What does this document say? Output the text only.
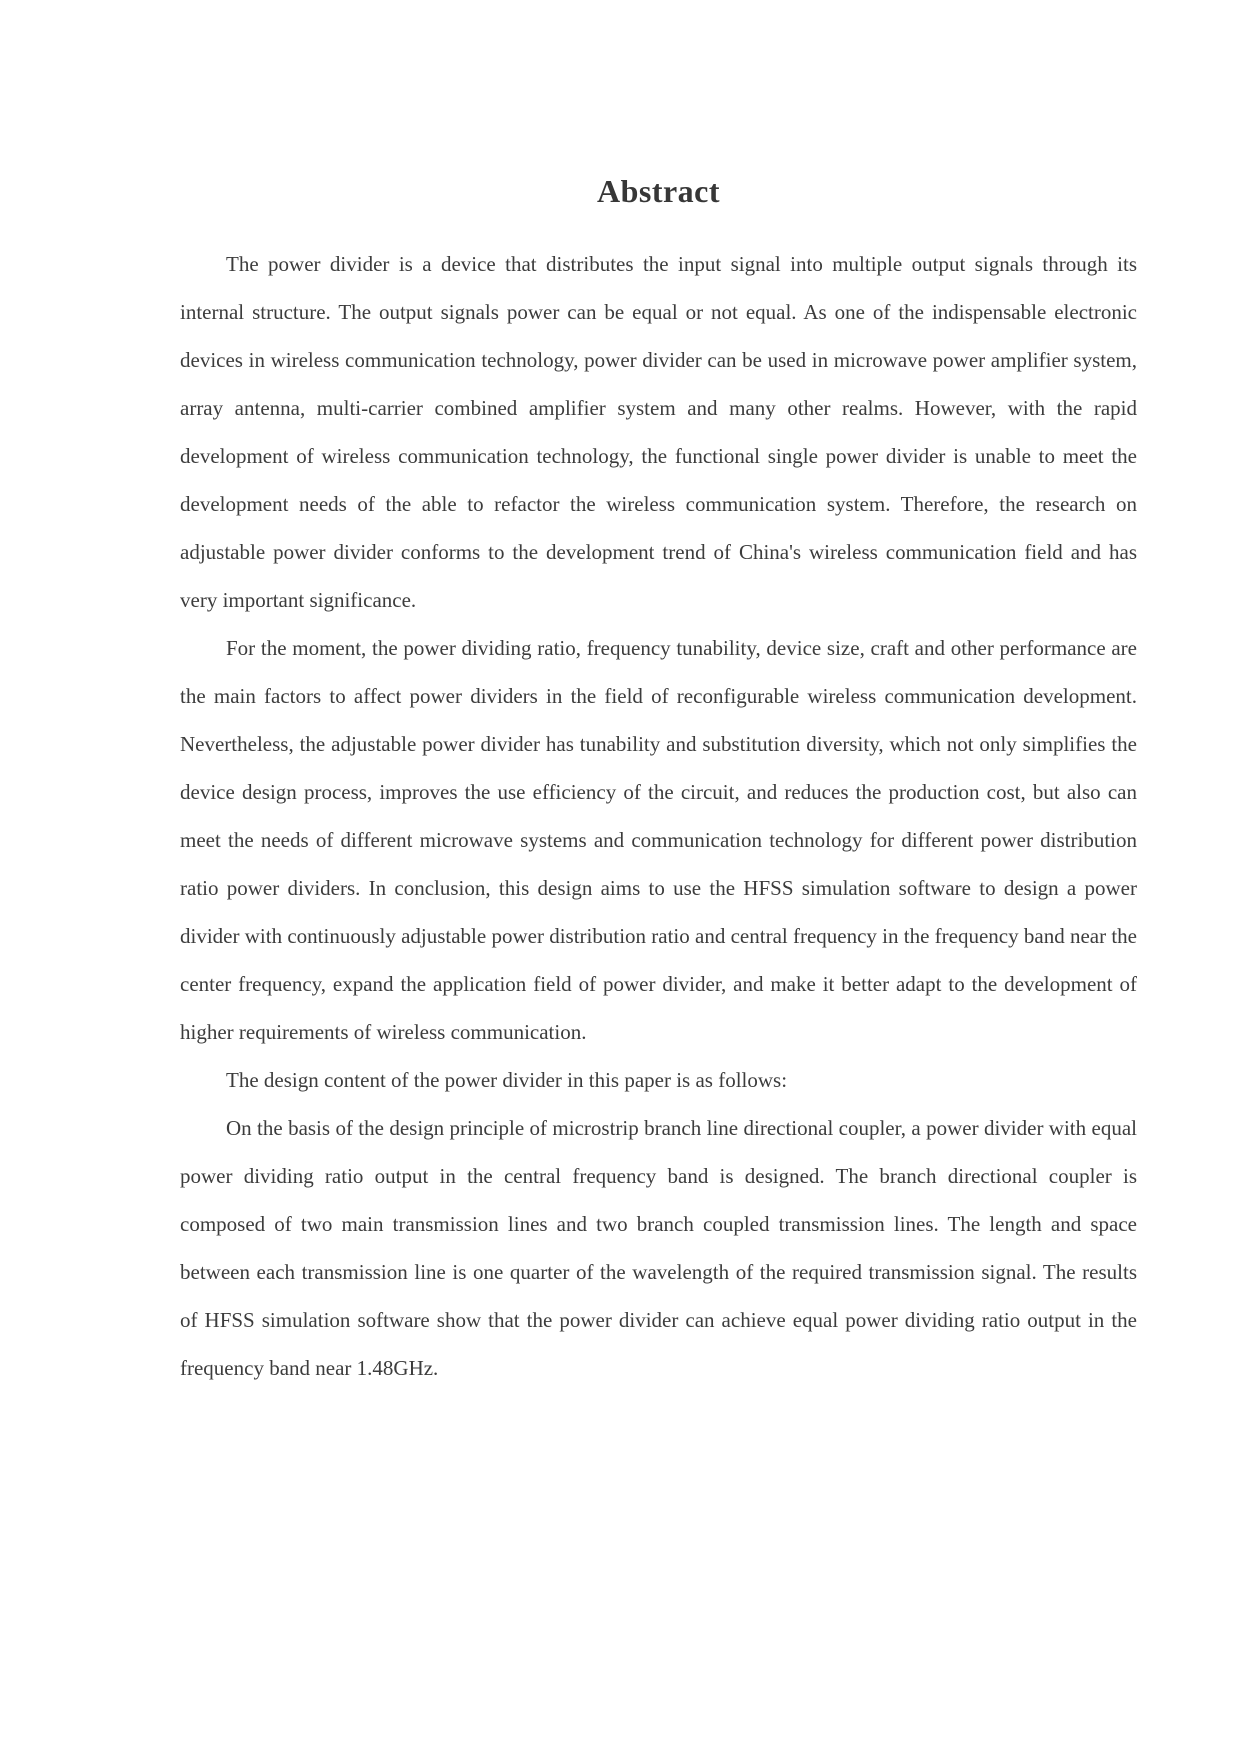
Abstract

The power divider is a device that distributes the input signal into multiple output signals through its internal structure. The output signals power can be equal or not equal. As one of the indispensable electronic devices in wireless communication technology, power divider can be used in microwave power amplifier system, array antenna, multi-carrier combined amplifier system and many other realms. However, with the rapid development of wireless communication technology, the functional single power divider is unable to meet the development needs of the able to refactor the wireless communication system. Therefore, the research on adjustable power divider conforms to the development trend of China's wireless communication field and has very important significance.

For the moment, the power dividing ratio, frequency tunability, device size, craft and other performance are the main factors to affect power dividers in the field of reconfigurable wireless communication development. Nevertheless, the adjustable power divider has tunability and substitution diversity, which not only simplifies the device design process, improves the use efficiency of the circuit, and reduces the production cost, but also can meet the needs of different microwave systems and communication technology for different power distribution ratio power dividers. In conclusion, this design aims to use the HFSS simulation software to design a power divider with continuously adjustable power distribution ratio and central frequency in the frequency band near the center frequency, expand the application field of power divider, and make it better adapt to the development of higher requirements of wireless communication.

The design content of the power divider in this paper is as follows:

On the basis of the design principle of microstrip branch line directional coupler, a power divider with equal power dividing ratio output in the central frequency band is designed. The branch directional coupler is composed of two main transmission lines and two branch coupled transmission lines. The length and space between each transmission line is one quarter of the wavelength of the required transmission signal. The results of HFSS simulation software show that the power divider can achieve equal power dividing ratio output in the frequency band near 1.48GHz.
